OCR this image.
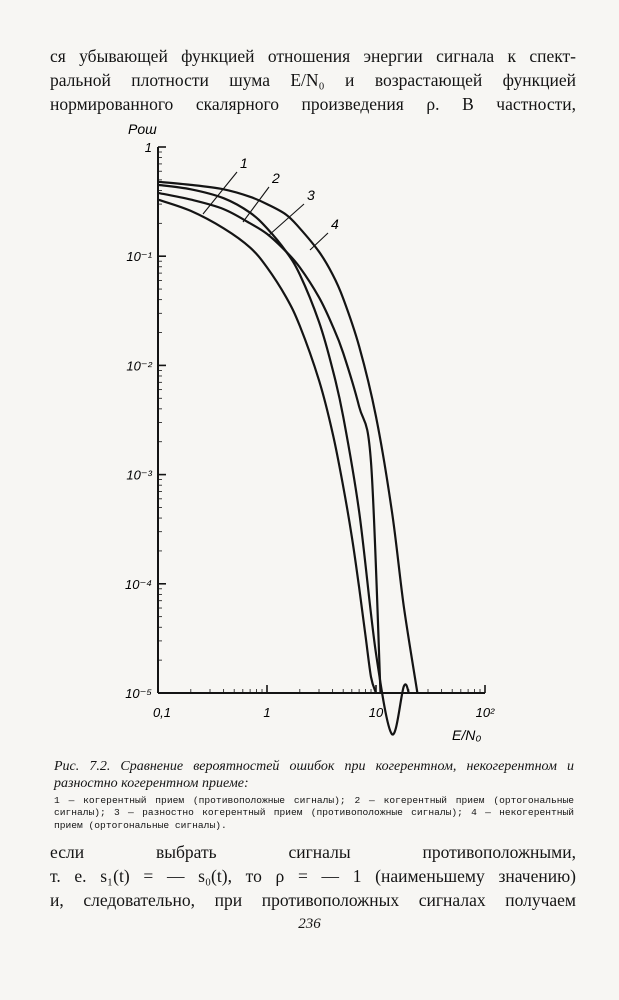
ся убывающей функцией отношения энергии сигнала к спект-
ральной плотности шума E/N₀ и возрастающей функцией
нормированного скалярного произведения ρ. В частности,
1
10⁻¹
10⁻²
10⁻³
10⁻⁴
10⁻⁵
0,1	1	10	10²
Pош
E/N₀
1
2
3
4
Рис. 7.2. Сравнение вероятностей ошибок при когерентном, некогерентном и разностно когерентном приеме:
1 — когерентный прием (противоположные сигналы); 2 — когерентный прием (ортогональные сигналы); 3 — разностно когерентный прием (противоположные сигналы); 4 — некогерентный прием (ортогональные сигналы).
если выбрать сигналы противоположными,
т. е. s₁(t) = — s₀(t), то ρ = — 1 (наименьшему значению)
и, следовательно, при противоположных сигналах получаем
236
